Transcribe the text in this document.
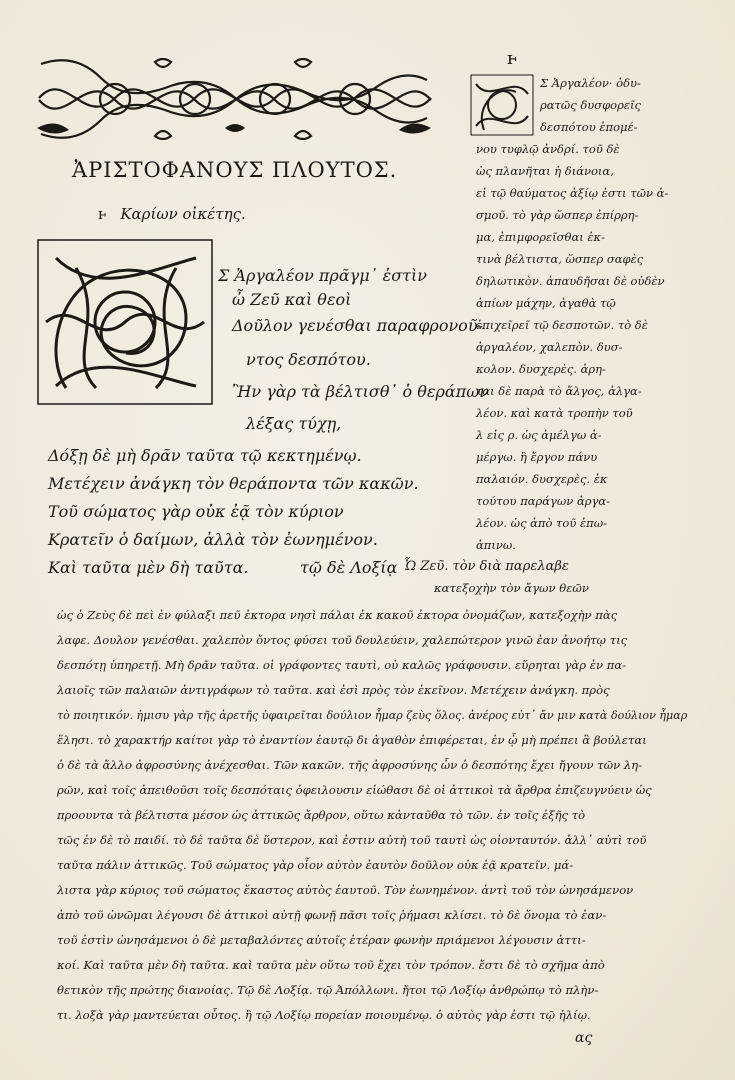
ἈΡΙΣΤΟΦΑΝΟΥΣ ΠΛΟΥΤΟΣ.
ⱶ Καρίων οἰκέτης.
Σ Ἀργαλέον πρᾶγμ᾽ ἐστὶν
ὦ Ζεῦ καὶ θεοὶ
Δοῦλον γενέσθαι παραφρονοῦ-
ντος δεσπότου.
Ἢν γὰρ τὰ βέλτισθ᾽ ὁ θεράπων
λέξας τύχῃ,
Δόξῃ δὲ μὴ δρᾶν ταῦτα τῷ κεκτημένῳ.
Μετέχειν ἀνάγκη τὸν θεράποντα τῶν κακῶν.
Τοῦ σώματος γὰρ οὐκ ἐᾷ τὸν κύριον
Κρατεῖν ὁ δαίμων, ἀλλὰ τὸν ἐωνημένον.
Καὶ ταῦτα μὲν δὴ ταῦτα.	τῷ δὲ Λοξίᾳ
ⱶ
Σ Ἀργαλέον· ὀδυ-
ρατῶς δυσφορεῖς
δεσπότου ἑπομέ-
νου τυφλῷ ἀνδρί. τοῦ δὲ
ὡς πλανῆται ἡ διάνοια,
εἰ τῷ θαύματος ἀξίῳ ἐστι τῶν ἀ-
σμοῦ. τὸ γὰρ ὥσπερ ἐπίρρη-
μα, ἐπιμφορεῖσθαι ἐκ-
τινὰ βέλτιστα, ὥσπερ σαφὲς
δηλωτικὸν. ἀπαυδῆσαι δὲ οὐδὲν
ἀπίων μάχην, ἀγαθὰ τῷ
ἐπιχεῖρεῖ τῷ δεσποτῶν. τὸ δὲ
ἀργαλέον, χαλεπὸν. δυσ-
κολον. δυσχερὲς. ἀρη-
ται δὲ παρὰ τὸ ἄλγος, ἀλγα-
λέον. καὶ κατὰ τροπὴν τοῦ
λ εἰς ρ. ὡς ἀμέλγω ἀ-
μέργω. ἢ ἔργον πάνυ
παλαιόν. δυσχερὲς. ἐκ
τούτου παράγων ἀργα-
λέον. ὡς ἀπὸ τοῦ ἐπω-
ἀπινω.
Ὦ Ζεῦ. τὸν διὰ παρελαβε
κατεξοχὴν τὸν ἄγων θεῶν
ὡς ὁ Ζεὺς δὲ πεὶ ἐν φύλαξι πεῦ ἐκτορα νησὶ πάλαι ἐκ κακοῦ ἐκτορα ὀνομάζων, κατεξοχὴν πὰς
λαφε. Δουλον γενέσθαι. χαλεπὸν ὄντος φύσει τοῦ δουλεύειν, χαλεπώτερον γινῶ ἐαν ἀνοήτῳ τις
δεσπότῃ ὑπηρετῇ. Μὴ δρᾶν ταῦτα. οἱ γράφοντες ταυτὶ, οὐ καλῶς γράφουσιν. εὕρηται γὰρ ἐν πα-
λαιοῖς τῶν παλαιῶν ἀντιγράφων τὸ ταῦτα. καὶ ἐσὶ πρὸς τὸν ἐκεῖνον. Μετέχειν ἀνάγκη. πρὸς
τὸ ποιητικόν. ἡμισυ γὰρ τῆς ἀρετῆς ὑφαιρεῖται δούλιον ἦμαρ ζεὺς ὅλος. ἀνέρος εὐτ᾽ ἄν μιν κατὰ δούλιον ἦμαρ
ἕλησι. τὸ χαρακτήρ καίτοι γὰρ τὸ ἐναντίον ἑαυτῷ δι ἀγαθὸν ἐπιφέρεται, ἐν ᾧ μὴ πρέπει ἃ βούλεται
ὁ δὲ τὰ ἄλλο ἀφροσύνης ἀνέχεσθαι. Τῶν κακῶν. τῆς ἀφροσύνης ὧν ὁ δεσπότης ἔχει ἤγουν τῶν λη-
ρῶν, καὶ τοῖς ἀπειθοῦσι τοῖς δεσπόταις ὀφειλουσιν εἰώθασι δὲ οἱ ἀττικοὶ τὰ ἄρθρα ἐπιζευγνύειν ὡς
προουντα τὰ βέλτιστα μέσον ὡς ἀττικῶς ἄρθρον, οὕτω κἀνταῦθα τὸ τῶν. ἐν τοῖς ἐξῆς τὸ
τῶς ἐν δὲ τὸ παιδί. τὸ δὲ ταῦτα δὲ ὕστερον, καὶ ἐστιν αὐτὴ τοῦ ταυτὶ ὡς οἱονταυτόν. ἀλλ᾽ αὐτὶ τοῦ
ταῦτα πάλιν ἀττικῶς. Τοῦ σώματος γὰρ οἷον αὐτὸν ἑαυτὸν δοῦλον οὐκ ἐᾷ κρατεῖν. μά-
λιστα γὰρ κύριος τοῦ σώματος ἕκαστος αὐτὸς ἑαυτοῦ. Τὸν ἐωνημένον. ἀντὶ τοῦ τὸν ὠνησάμενον
ἀπὸ τοῦ ὠνῶμαι λέγουσι δὲ ἀττικοὶ αὐτῇ φωνῇ πᾶσι τοῖς ῥήμασι κλίσει. τὸ δὲ ὄνομα τὸ ἐαν-
τοῦ ἐστὶν ὠνησάμενοι ὁ δὲ μεταβαλόντες αὐτοῖς ἑτέραν φωνὴν πριάμενοι λέγουσιν ἀττι-
κοί. Καὶ ταῦτα μὲν δὴ ταῦτα. καὶ ταῦτα μὲν οὕτω τοῦ ἔχει τὸν τρόπον. ἔστι δὲ τὸ σχῆμα ἀπὸ
θετικὸν τῆς πρώτης διανοίας. Τῷ δὲ Λοξίᾳ. τῷ Ἀπόλλωνι. ἤτοι τῷ Λοξίῳ ἀνθρώπῳ τὸ πλὴν-
τι. λοξὰ γὰρ μαντεύεται οὗτος. ἢ τῷ Λοξίῳ πορείαν ποιουμένῳ. ὁ αὐτὸς γὰρ ἐστι τῷ ἡλίῳ.
ας
